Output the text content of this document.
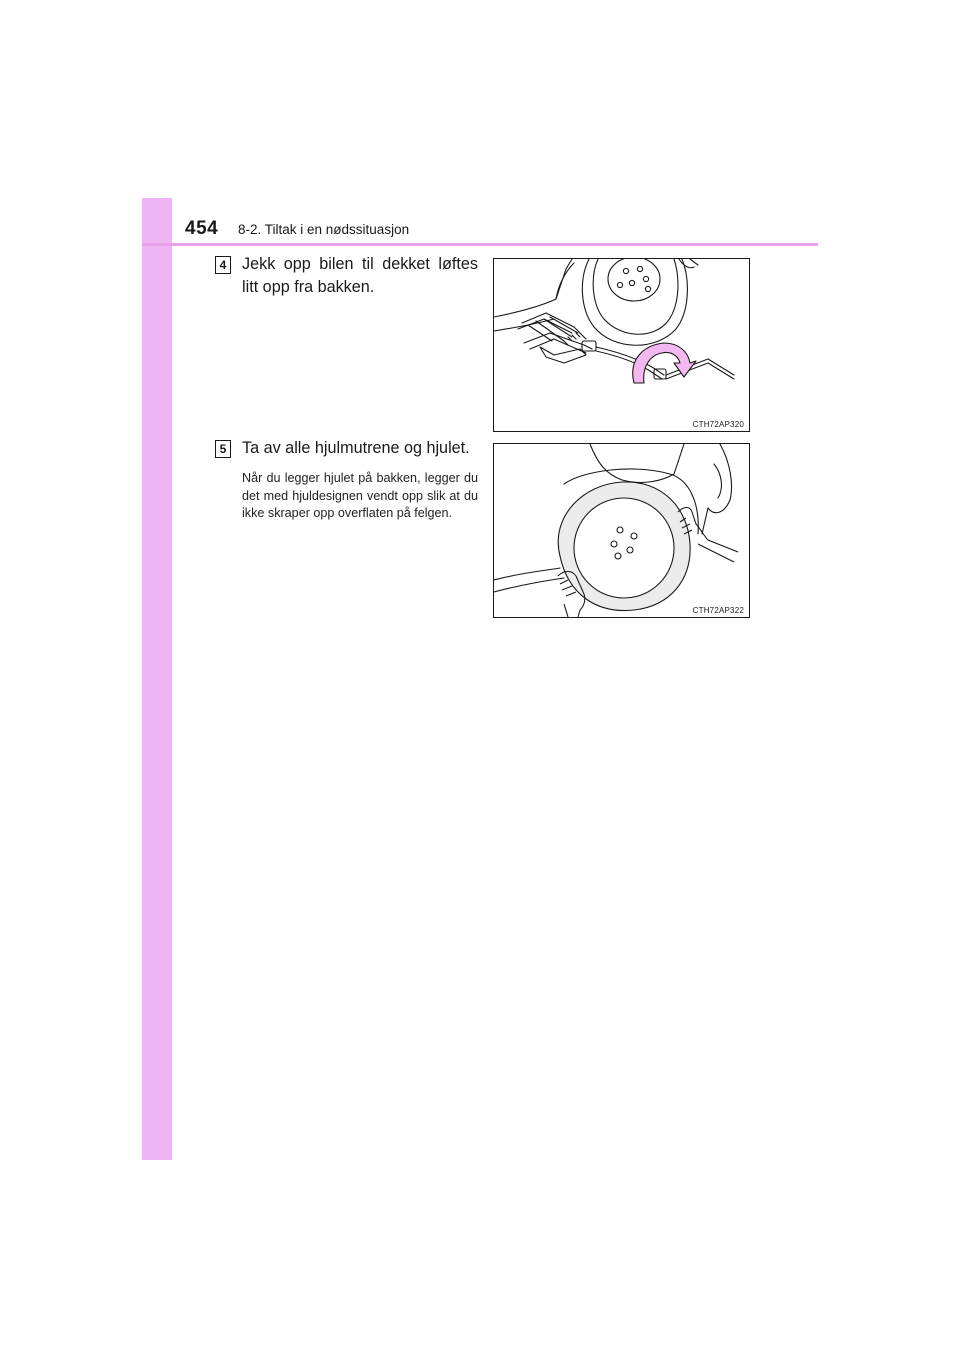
454 8-2. Tiltak i en nødssituasjon
4 Jekk opp bilen til dekket løftes litt opp fra bakken.
CTH72AP320
5 Ta av alle hjulmutrene og hjulet.
Når du legger hjulet på bakken, legger du det med hjuldesignen vendt opp slik at du ikke skraper opp overflaten på felgen.
CTH72AP322
